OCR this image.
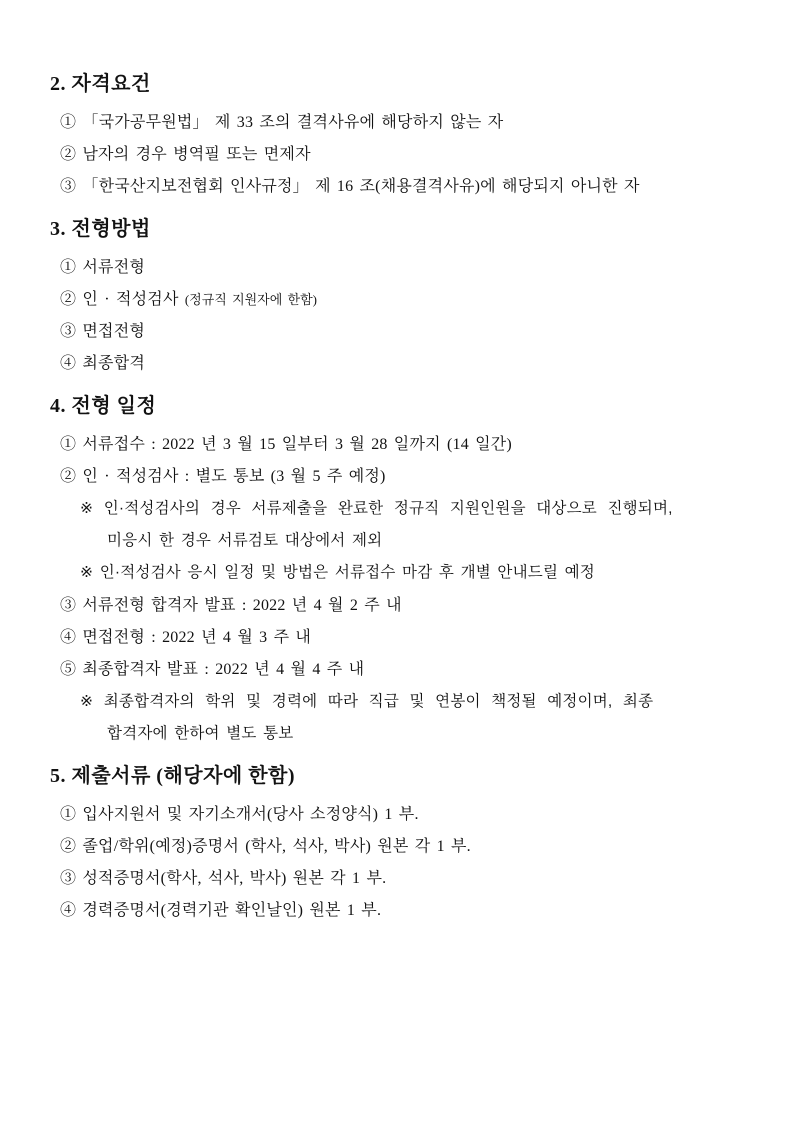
2. 자격요건

① 「국가공무원법」 제 33 조의 결격사유에 해당하지 않는 자

② 남자의 경우 병역필 또는 면제자

③ 「한국산지보전협회 인사규정」 제 16 조(채용결격사유)에 해당되지 아니한 자

3. 전형방법

① 서류전형

② 인 · 적성검사 (정규직 지원자에 한함)

③ 면접전형

④ 최종합격

4. 전형 일정

① 서류접수 : 2022 년 3 월 15 일부터 3 월 28 일까지 (14 일간)

② 인 · 적성검사 : 별도 통보 (3 월 5 주 예정)

※ 인·적성검사의 경우 서류제출을 완료한 정규직 지원인원을 대상으로 진행되며,

미응시 한 경우 서류검토 대상에서 제외

※ 인·적성검사 응시 일정 및 방법은 서류접수 마감 후 개별 안내드릴 예정

③ 서류전형 합격자 발표 : 2022 년 4 월 2 주 내

④ 면접전형 : 2022 년 4 월 3 주 내

⑤ 최종합격자 발표 : 2022 년 4 월 4 주 내

※ 최종합격자의 학위 및 경력에 따라 직급 및 연봉이 책정될 예정이며, 최종

합격자에 한하여 별도 통보

5. 제출서류 (해당자에 한함)

① 입사지원서 및 자기소개서(당사 소정양식) 1 부.

② 졸업/학위(예정)증명서 (학사, 석사, 박사) 원본 각 1 부.

③ 성적증명서(학사, 석사, 박사) 원본 각 1 부.

④ 경력증명서(경력기관 확인날인) 원본 1 부.
